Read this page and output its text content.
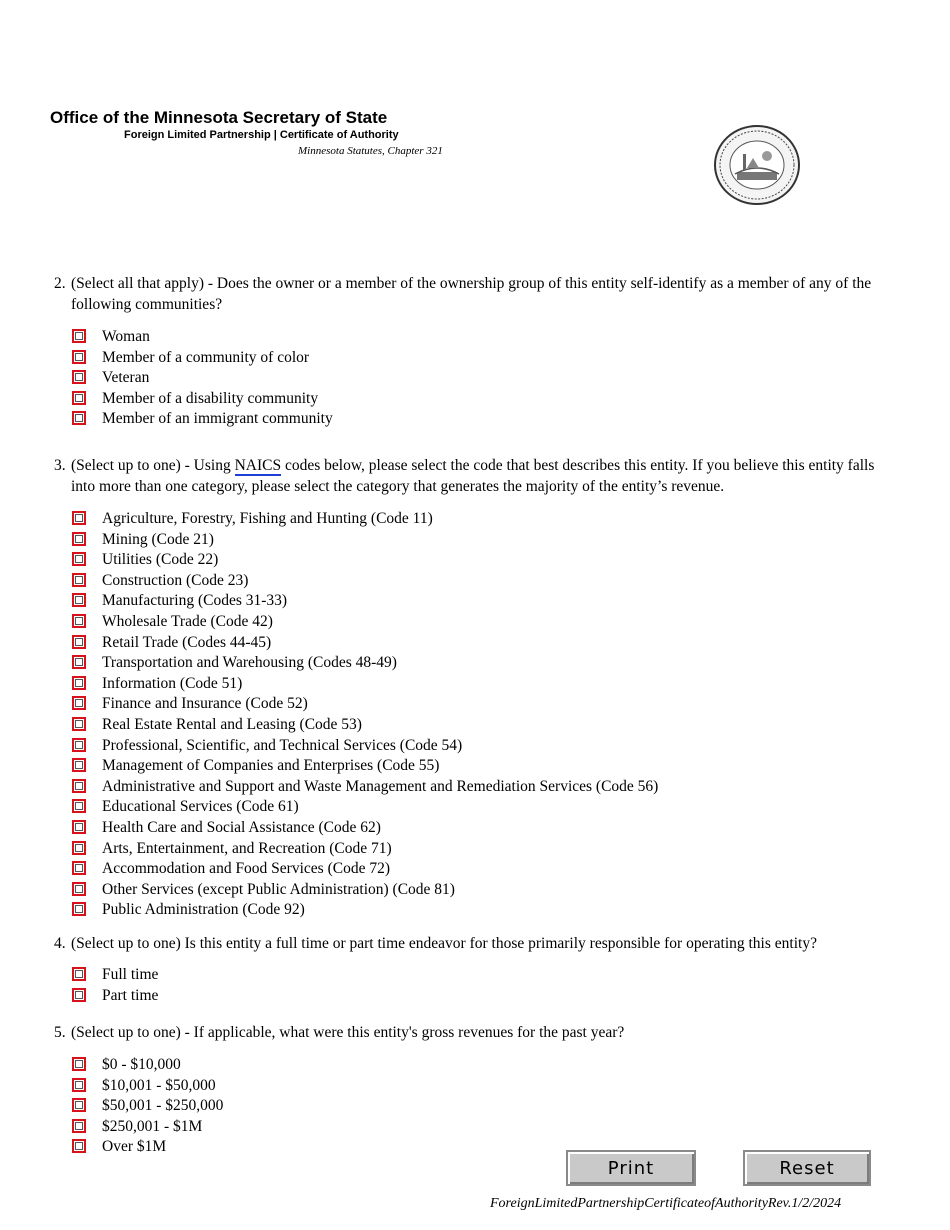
Office of the Minnesota Secretary of State
Foreign Limited Partnership | Certificate of Authority
Minnesota Statutes, Chapter 321
2. (Select all that apply) - Does the owner or a member of the ownership group of this entity self-identify as a member of any of the following communities?
Woman
Member of a community of color
Veteran
Member of a disability community
Member of an immigrant community
3. (Select up to one) - Using NAICS codes below, please select the code that best describes this entity. If you believe this entity falls into more than one category, please select the category that generates the majority of the entity’s revenue.
Agriculture, Forestry, Fishing and Hunting (Code 11)
Mining (Code 21)
Utilities (Code 22)
Construction (Code 23)
Manufacturing (Codes 31-33)
Wholesale Trade (Code 42)
Retail Trade (Codes 44-45)
Transportation and Warehousing (Codes 48-49)
Information (Code 51)
Finance and Insurance (Code 52)
Real Estate Rental and Leasing (Code 53)
Professional, Scientific, and Technical Services (Code 54)
Management of Companies and Enterprises (Code 55)
Administrative and Support and Waste Management and Remediation Services (Code 56)
Educational Services (Code 61)
Health Care and Social Assistance (Code 62)
Arts, Entertainment, and Recreation (Code 71)
Accommodation and Food Services (Code 72)
Other Services (except Public Administration) (Code 81)
Public Administration (Code 92)
4. (Select up to one) Is this entity a full time or part time endeavor for those primarily responsible for operating this entity?
Full time
Part time
5. (Select up to one) - If applicable, what were this entity's gross revenues for the past year?
$0 - $10,000
$10,001 - $50,000
$50,001 - $250,000
$250,001 - $1M
Over $1M
Print	Reset
ForeignLimitedPartnershipCertificateofAuthorityRev.1/2/2024
